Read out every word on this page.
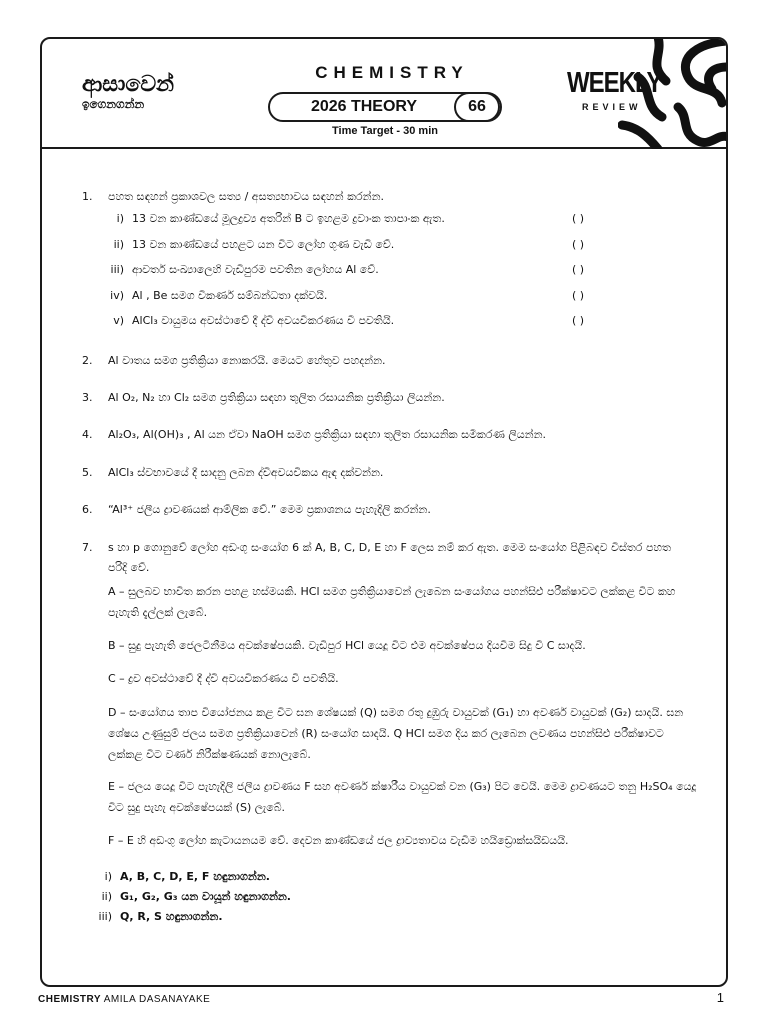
ආසාවෙන්
ඉගෙනගන්න
CHEMISTRY
2026 THEORY	66
Time Target - 30 min
WEEKLY
REVIEW
1.	පහත සඳහන් ප්‍රකාශවල සත්‍ය / අසත්‍යභාවය සඳහන් කරන්න.
i) 13 වන කාණ්ඩයේ මූලද්‍රව්‍ය අතරින් B ට ඉහළම ද්‍රවාංක තාපාංක ඇත.	( )
ii) 13 වන කාණ්ඩයේ පහළට යන විට ලෝහ ගුණ වැඩි වේ.	( )
iii) ආවර්ත සංඛ්‍යාලෙහි වැඩිපුරම පවතින ලෝහය Al වේ.	( )
iv) Al , Be සමග විකර්ණ සම්බන්ධතා දක්වයි.	( )
v) AlCl₃ වායුමය අවස්ථාවේ දී ද්වි අවයවීකරණය වී පවතියි.	( )
2.	Al වාතය සමග ප්‍රතික්‍රියා නොකරයි. මෙයට හේතුව පහදන්න.
3.	Al O₂, N₂ හා Cl₂ සමග ප්‍රතික්‍රියා සඳහා තුලිත රසායනික ප්‍රතික්‍රියා ලියන්න.
4.	Al₂O₃, Al(OH)₃ , Al යන ඒවා NaOH සමග ප්‍රතික්‍රියා සඳහා තුලිත රසායනික සමීකරණ ලියන්න.
5.	AlCl₃ ස්වභාවයේ දී සාදනු ලබන ද්විඅවයවිකය ඇඳ දක්වන්න.
6.	“Al³⁺ ජලීය ද්‍රාවණයක් ආම්ලික වේ.” මෙම ප්‍රකාශනය පැහැදිලි කරන්න.
7.	s හා p ගොනුවේ ලෝහ අඩංගු සංයෝග 6 ක් A, B, C, D, E හා F ලෙස නම් කර ඇත. මෙම සංයෝග පිළිබඳව විස්තර පහත පරිදි වේ.
A – සුලබව භාවිත කරන පහළ හස්මයකි. HCl සමග ප්‍රතික්‍රියාවෙන් ලැබෙන සංයෝගය පහන්සිළු පරීක්ෂාවට ලක්කළ විට කහ පැහැති දැල්ලක් ලැබේ.
B – සුදු පැහැති ජෙලටිනීමය අවක්ෂේපයකි. වැඩිපුර HCl යෙදූ විට එම අවක්ෂේපය දියවීම සිදු වී C සාදයි.
C – ද්‍රව අවස්ථාවේ දී ද්වි අවයවීකරණය වී පවතියි.
D – සංයෝගය තාප වියෝජනය කළ විට ඝන ශේෂයක් (Q) සමග රතු දුඹුරු වායුවක් (G₁) හා අවර්ණ වායුවක් (G₂) සාදයි. ඝන ශේෂය උණුසුම් ජලය සමග ප්‍රතික්‍රියාවෙන් (R) සංයෝග සාදයි. Q HCl සමග දිය කර ලැබෙන ලවණය පහන්සිළු පරීක්ෂාවට ලක්කළ විට වර්ණ නිරීක්ෂණයක් නොලැබේ.
E – ජලය යෙදූ විට පැහැදිලි ජලීය ද්‍රාවණය F සහ අවර්ණ ක්ෂාරීය වායුවක් වන (G₃) පිට වෙයි. මෙම ද්‍රාවණයට තනු H₂SO₄ යෙදූ විට සුදු පැහැ අවක්ෂේපයක් (S) ලැබේ.
F – E හි අඩංගු ලෝහ කැටායනයම වේ. දෙවන කාණ්ඩයේ ජල ද්‍රාව්‍යතාවය වැඩිම හයිඩ්‍රොක්සයිඩයයි.
i) A, B, C, D, E, F හඳුනාගන්න.
ii) G₁, G₂, G₃ යන වායූන් හඳුනාගන්න.
iii) Q, R, S හඳුනාගන්න.
CHEMISTRY AMILA DASANAYAKE	1
